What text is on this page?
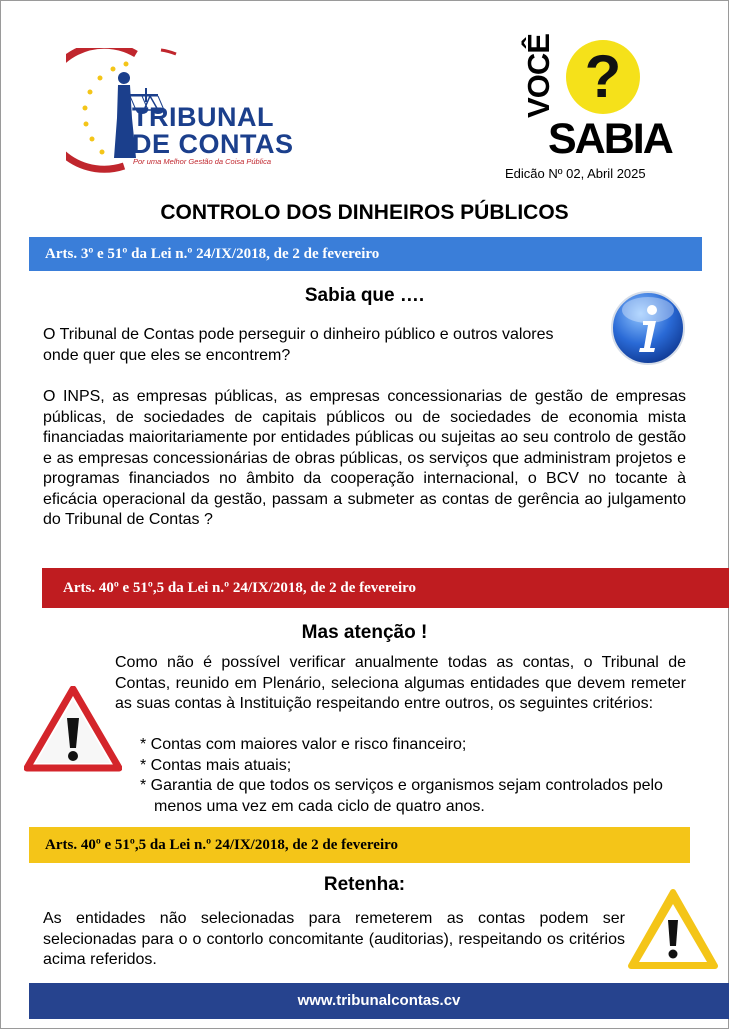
TRIBUNAL
DE CONTAS
Por uma Melhor Gestão da Coisa Pública
?
VOCÊ
SABIA
Edicão Nº 02, Abril 2025
CONTROLO DOS DINHEIROS PÚBLICOS
Arts. 3º e 51º da Lei n.º 24/IX/2018, de 2 de fevereiro
Sabia que ….
O Tribunal de Contas pode perseguir o dinheiro público e outros valores onde quer que eles se encontrem?
O INPS, as empresas públicas, as empresas concessionarias de gestão de empresas públicas, de sociedades de capitais públicos ou de sociedades de economia mista financiadas maioritariamente por entidades públicas ou sujeitas ao seu controlo de gestão e as empresas concessionárias de obras públicas, os serviços que administram projetos e programas financiados no âmbito da cooperação internacional, o BCV no tocante à eficácia operacional da gestão, passam a submeter as contas de gerência ao julgamento do Tribunal de Contas ?
Arts. 40º e 51º,5 da Lei n.º 24/IX/2018, de 2 de fevereiro
Mas atenção !
Como não é possível verificar anualmente todas as contas, o Tribunal de Contas, reunido em Plenário, seleciona algumas entidades que devem remeter as suas contas à Instituição respeitando entre outros, os seguintes critérios:
* Contas com maiores valor e risco financeiro;
* Contas mais atuais;
* Garantia de que todos os serviços e organismos sejam controlados pelo menos uma vez em cada ciclo de quatro anos.
Arts. 40º e 51º,5 da Lei n.º 24/IX/2018, de 2 de fevereiro
Retenha:
As entidades não selecionadas para remeterem as contas podem ser selecionadas para o o contorlo concomitante (auditorias), respeitando os critérios acima referidos.
www.tribunalcontas.cv
